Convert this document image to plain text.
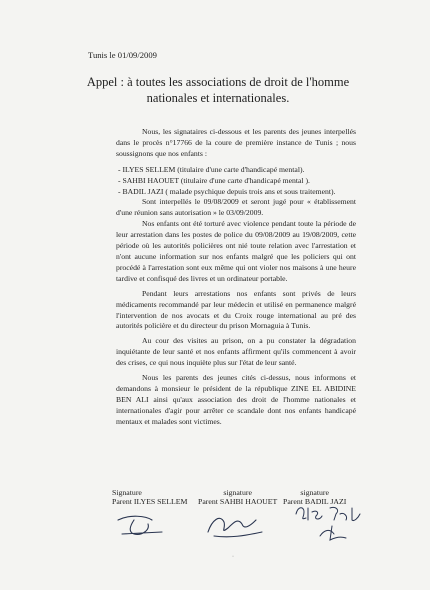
Tunis le 01/09/2009
Appel : à toutes les associations de droit de l'homme
nationales et internationales.

Nous, les signataires ci-dessous et les parents des jeunes interpellés dans le procès n°17766 de la coure de première instance de Tunis ; nous soussignons que nos enfants :

- ILYES SELLEM (titulaire d'une carte d'handicapé mental).
- SAHBI HAOUET (titulaire d'une carte d'handicapé mental ).
- BADIL JAZI ( malade psychique depuis trois ans et sous traitement).

Sont interpellés le 09/08/2009 et seront jugé pour « établissement d'une réunion sans autorisation » le 03/09/2009.

Nos enfants ont été torturé avec violence pendant toute la période de leur arrestation dans les postes de police du 09/08/2009 au 19/08/2009, cette période où les autorités policières ont nié toute relation avec l'arrestation et n'ont aucune information sur nos enfants malgré que les policiers qui ont procédé à l'arrestation sont eux même qui ont violer nos maisons à une heure tardive et confisqué des livres et un ordinateur portable.

Pendant leurs arrestations nos enfants sont privés de leurs médicaments recommandé par leur médecin et utilisé en permanence malgré l'intervention de nos avocats et du Croix rouge international au pré des autorités policière et du directeur du prison Mornaguia à Tunis.

Au cour des visites au prison, on a pu constater la dégradation inquiétante de leur santé et nos enfants affirment qu'ils commencent à avoir des crises, ce qui nous inquiète plus sur l'état de leur santé.

Nous les parents des jeunes cités ci-dessus, nous informons et demandons à monsieur le président de la république ZINE EL ABIDINE BEN ALI ainsi qu'aux association des droit de l'homme nationales et internationales d'agir pour arrêter ce scandale dont nos enfants handicapé mentaux et malades sont victimes.

Signature
Parent ILYES SELLEM
signature
Parent SAHBI HAOUET
signature
Parent BADIL JAZI
·
